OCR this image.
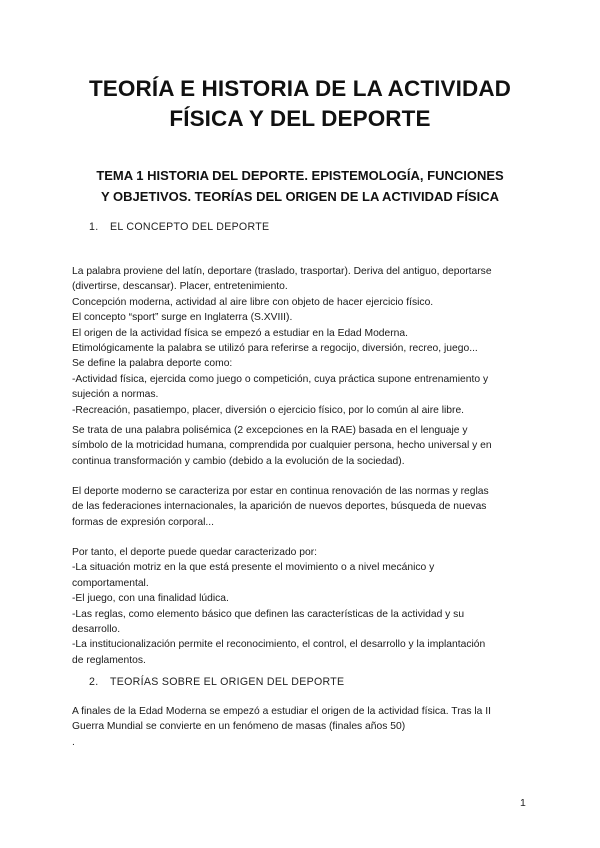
TEORÍA E HISTORIA DE LA ACTIVIDAD
FÍSICA Y DEL DEPORTE
TEMA 1 HISTORIA DEL DEPORTE. EPISTEMOLOGÍA, FUNCIONES
Y OBJETIVOS. TEORÍAS DEL ORIGEN DE LA ACTIVIDAD FÍSICA
1. EL CONCEPTO DEL DEPORTE
La palabra proviene del latín, deportare (traslado, trasportar). Deriva del antiguo, deportarse
(divertirse, descansar). Placer, entretenimiento.
Concepción moderna, actividad al aire libre con objeto de hacer ejercicio físico.
El concepto “sport” surge en Inglaterra (S.XVIII).
El origen de la actividad física se empezó a estudiar en la Edad Moderna.
Etimológicamente la palabra se utilizó para referirse a regocijo, diversión, recreo, juego...
Se define la palabra deporte como:
-Actividad física, ejercida como juego o competición, cuya práctica supone entrenamiento y
sujeción a normas.
-Recreación, pasatiempo, placer, diversión o ejercicio físico, por lo común al aire libre.
Se trata de una palabra polisémica (2 excepciones en la RAE) basada en el lenguaje y
símbolo de la motricidad humana, comprendida por cualquier persona, hecho universal y en
continua transformación y cambio (debido a la evolución de la sociedad).
El deporte moderno se caracteriza por estar en continua renovación de las normas y reglas
de las federaciones internacionales, la aparición de nuevos deportes, búsqueda de nuevas
formas de expresión corporal...
Por tanto, el deporte puede quedar caracterizado por:
-La situación motriz en la que está presente el movimiento o a nivel mecánico y
comportamental.
-El juego, con una finalidad lúdica.
-Las reglas, como elemento básico que definen las características de la actividad y su
desarrollo.
-La institucionalización permite el reconocimiento, el control, el desarrollo y la implantación
de reglamentos.
2. TEORÍAS SOBRE EL ORIGEN DEL DEPORTE
A finales de la Edad Moderna se empezó a estudiar el origen de la actividad física. Tras la II
Guerra Mundial se convierte en un fenómeno de masas (finales años 50)
.
1
